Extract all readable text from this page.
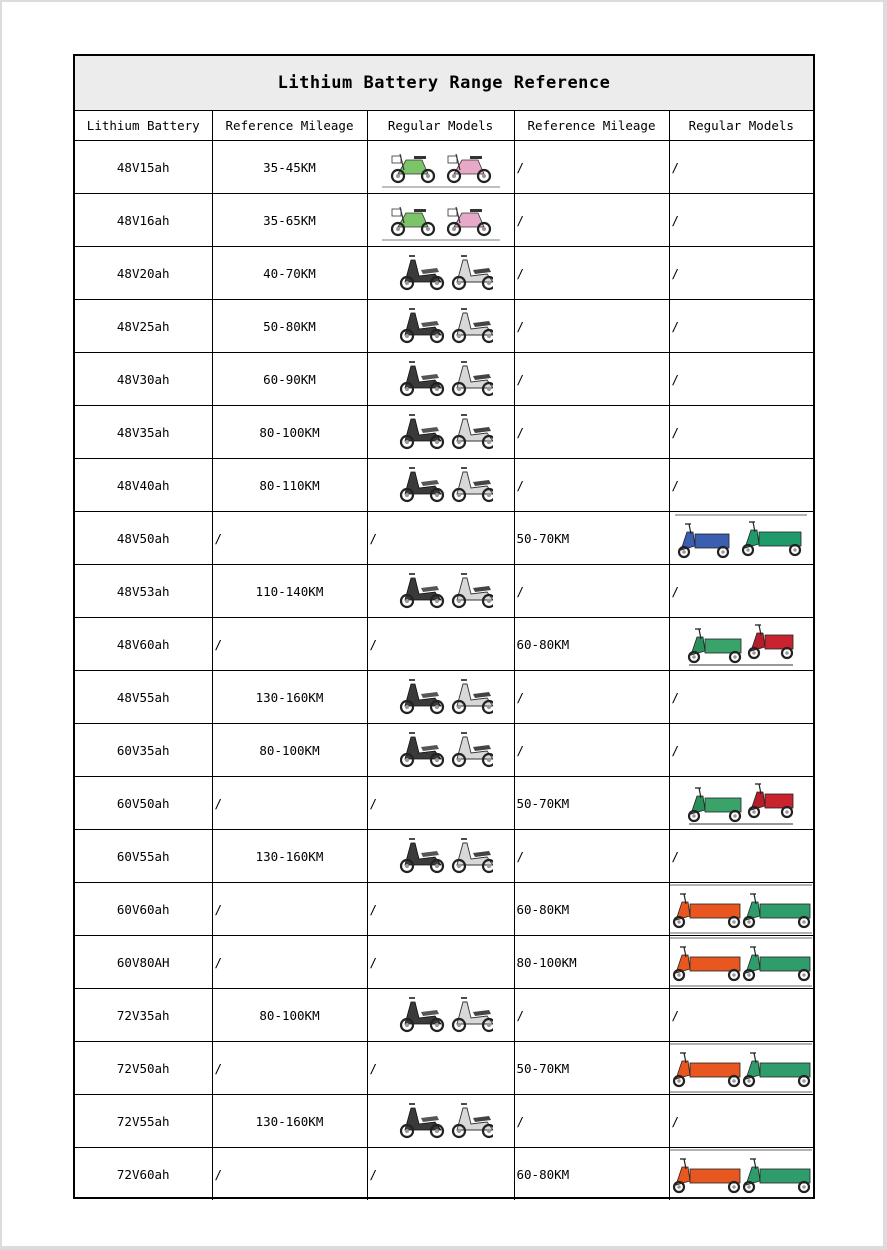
Lithium Battery Range Reference
Lithium Battery	Reference Mileage	Regular Models	Reference Mileage	Regular Models
48V15ah	35-45KM		/	/
48V16ah	35-65KM		/	/
48V20ah	40-70KM		/	/
48V25ah	50-80KM		/	/
48V30ah	60-90KM		/	/
48V35ah	80-100KM		/	/
48V40ah	80-110KM		/	/
48V50ah	/	/	50-70KM	

48V53ah	110-140KM		/	/
48V60ah	/	/	60-80KM	

48V55ah	130-160KM		/	/
60V35ah	80-100KM		/	/
60V50ah	/	/	50-70KM	

60V55ah	130-160KM		/	/
60V60ah	/	/	60-80KM	

60V80AH	/	/	80-100KM	

72V35ah	80-100KM		/	/
72V50ah	/	/	50-70KM	

72V55ah	130-160KM		/	/
72V60ah	/	/	60-80KM	
